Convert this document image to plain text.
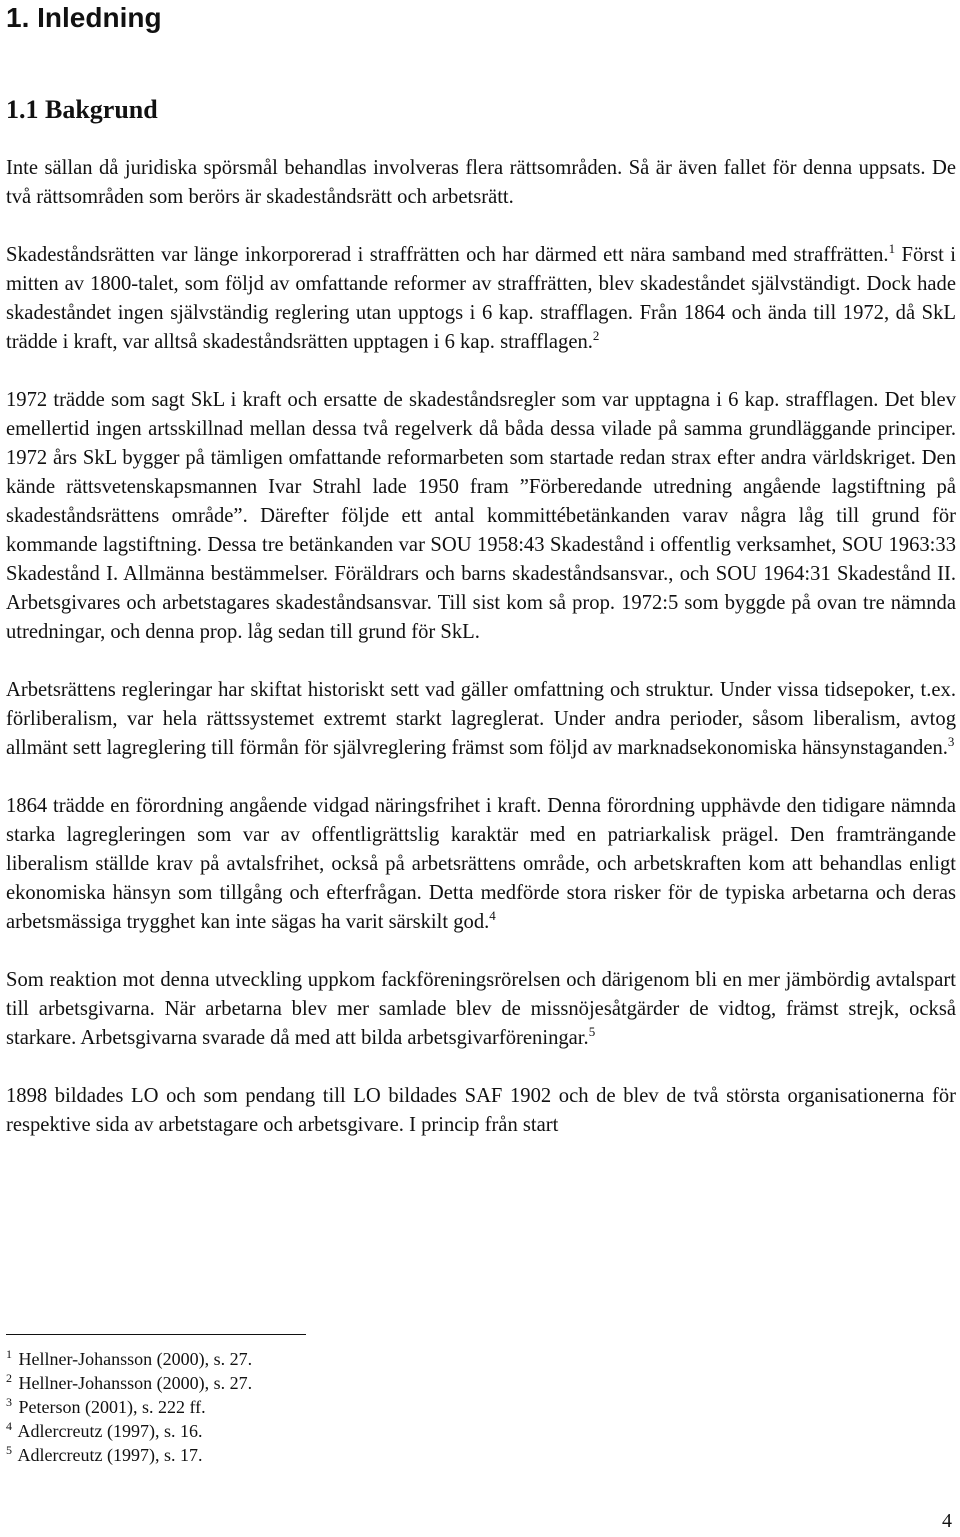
1. Inledning
1.1 Bakgrund

Inte sällan då juridiska spörsmål behandlas involveras flera rättsområden. Så är även fallet för denna uppsats. De två rättsområden som berörs är skadeståndsrätt och arbetsrätt.

Skadeståndsrätten var länge inkorporerad i straffrätten och har därmed ett nära samband med straffrätten.$^1$ Först i mitten av 1800-talet, som följd av omfattande reformer av straffrätten, blev skadeståndet självständigt. Dock hade skadeståndet ingen självständig reglering utan upptogs i 6 kap. strafflagen. Från 1864 och ända till 1972, då SkL trädde i kraft, var alltså skadeståndsrätten upptagen i 6 kap. strafflagen.$^2$

1972 trädde som sagt SkL i kraft och ersatte de skadeståndsregler som var upptagna i 6 kap. strafflagen. Det blev emellertid ingen artsskillnad mellan dessa två regelverk då båda dessa vilade på samma grundläggande principer. 1972 års SkL bygger på tämligen omfattande reformarbeten som startade redan strax efter andra världskriget. Den kände rättsvetenskapsmannen Ivar Strahl lade 1950 fram ”Förberedande utredning angående lagstiftning på skadeståndsrättens område”. Därefter följde ett antal kommittébetänkanden varav några låg till grund för kommande lagstiftning. Dessa tre betänkanden var SOU 1958:43 Skadestånd i offentlig verksamhet, SOU 1963:33 Skadestånd I. Allmänna bestämmelser. Föräldrars och barns skadeståndsansvar., och SOU 1964:31 Skadestånd II. Arbetsgivares och arbetstagares skadeståndsansvar. Till sist kom så prop. 1972:5 som byggde på ovan tre nämnda utredningar, och denna prop. låg sedan till grund för SkL.

Arbetsrättens regleringar har skiftat historiskt sett vad gäller omfattning och struktur. Under vissa tidsepoker, t.ex. förliberalism, var hela rättssystemet extremt starkt lagreglerat. Under andra perioder, såsom liberalism, avtog allmänt sett lagreglering till förmån för självreglering främst som följd av marknadsekonomiska hänsynstaganden.$^3$

1864 trädde en förordning angående vidgad näringsfrihet i kraft. Denna förordning upphävde den tidigare nämnda starka lagregleringen som var av offentligrättslig karaktär med en patriarkalisk prägel. Den framträngande liberalism ställde krav på avtalsfrihet, också på arbetsrättens område, och arbetskraften kom att behandlas enligt ekonomiska hänsyn som tillgång och efterfrågan. Detta medförde stora risker för de typiska arbetarna och deras arbetsmässiga trygghet kan inte sägas ha varit särskilt god.$^4$

Som reaktion mot denna utveckling uppkom fackföreningsrörelsen och därigenom bli en mer jämbördig avtalspart till arbetsgivarna. När arbetarna blev mer samlade blev de missnöjesåtgärder de vidtog, främst strejk, också starkare. Arbetsgivarna svarade då med att bilda arbetsgivarföreningar.$^5$

1898 bildades LO och som pendang till LO bildades SAF 1902 och de blev de två största organisationerna för respektive sida av arbetstagare och arbetsgivare. I princip från start

$^1$ Hellner-Johansson (2000), s. 27.
$^2$ Hellner-Johansson (2000), s. 27.
$^3$ Peterson (2001), s. 222 ff.
$^4$ Adlercreutz (1997), s. 16.
$^5$ Adlercreutz (1997), s. 17.
4
